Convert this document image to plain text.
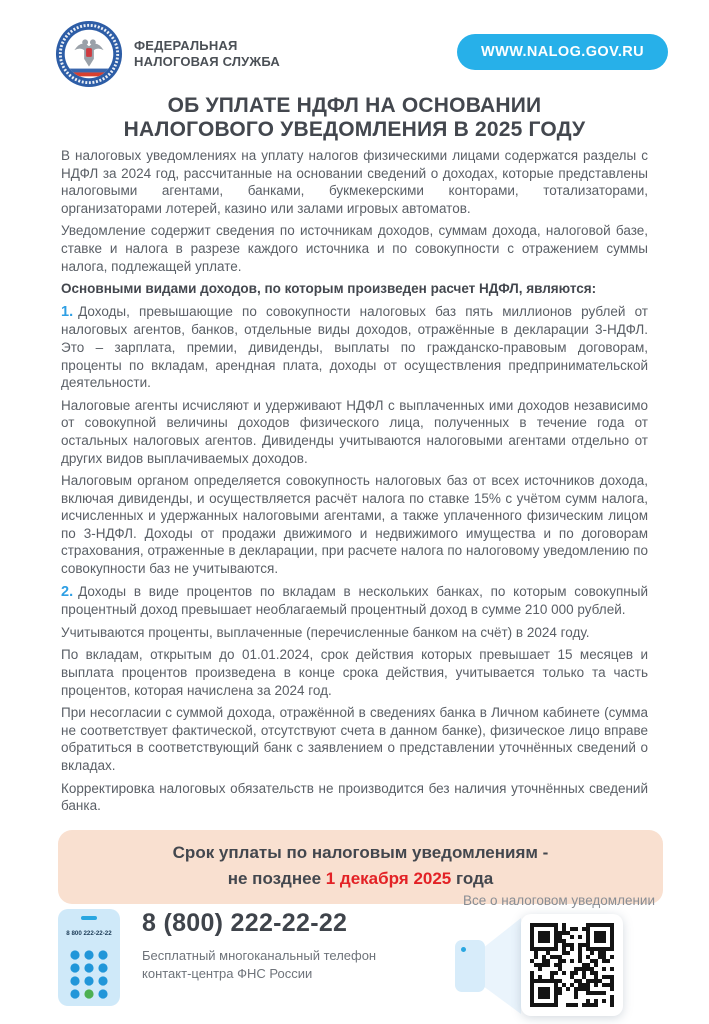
ФЕДЕРАЛЬНАЯ
НАЛОГОВАЯ СЛУЖБА
WWW.NALOG.GOV.RU
ОБ УПЛАТЕ НДФЛ НА ОСНОВАНИИ
НАЛОГОВОГО УВЕДОМЛЕНИЯ В 2025 ГОДУ

В налоговых уведомлениях на уплату налогов физическими лицами содержатся разделы с НДФЛ за 2024 год, рассчитанные на основании сведений о доходах, которые представлены налоговыми агентами, банками, букмекерскими конторами, тотализаторами, организаторами лотерей, казино или залами игровых автоматов.

Уведомление содержит сведения по источникам доходов, суммам дохода, налоговой базе, ставке и налога в разрезе каждого источника и по совокупности с отражением суммы налога, подлежащей уплате.

Основными видами доходов, по которым произведен расчет НДФЛ, являются:

1. Доходы, превышающие по совокупности налоговых баз пять миллионов рублей от налоговых агентов, банков, отдельные виды доходов, отражённые в декларации 3-НДФЛ. Это – зарплата, премии, дивиденды, выплаты по гражданско-правовым договорам, проценты по вкладам, арендная плата, доходы от осуществления предпринимательской деятельности.

Налоговые агенты исчисляют и удерживают НДФЛ с выплаченных ими доходов независимо от совокупной величины доходов физического лица, полученных в течение года от остальных налоговых агентов. Дивиденды учитываются налоговыми агентами отдельно от других видов выплачиваемых доходов.

Налоговым органом определяется совокупность налоговых баз от всех источников дохода, включая дивиденды, и осуществляется расчёт налога по ставке 15% с учётом сумм налога, исчисленных и удержанных налоговыми агентами, а также уплаченного физическим лицом по 3-НДФЛ. Доходы от продажи движимого и недвижимого имущества и по договорам страхования, отраженные в декларации, при расчете налога по налоговому уведомлению по совокупности баз не учитываются.

2. Доходы в виде процентов по вкладам в нескольких банках, по которым совокупный процентный доход превышает необлагаемый процентный доход в сумме 210 000 рублей.

Учитываются проценты, выплаченные (перечисленные банком на счёт) в 2024 году.

По вкладам, открытым до 01.01.2024, срок действия которых превышает 15 месяцев и выплата процентов произведена в конце срока действия, учитывается только та часть процентов, которая начислена за 2024 год.

При несогласии с суммой дохода, отражённой в сведениях банка в Личном кабинете (сумма не соответствует фактической, отсутствуют счета в данном банке), физическое лицо вправе обратиться в соответствующий банк с заявлением о представлении уточнённых сведений о вкладах.

Корректировка налоговых обязательств не производится без наличия уточнённых сведений банка.

Срок уплаты по налоговым уведомлениям -
не позднее 1 декабря 2025 года
8 800 222-22-22 8 (800) 222-22-22
Бесплатный многоканальный телефон
контакт-центра ФНС России
Все о налоговом уведомлении
